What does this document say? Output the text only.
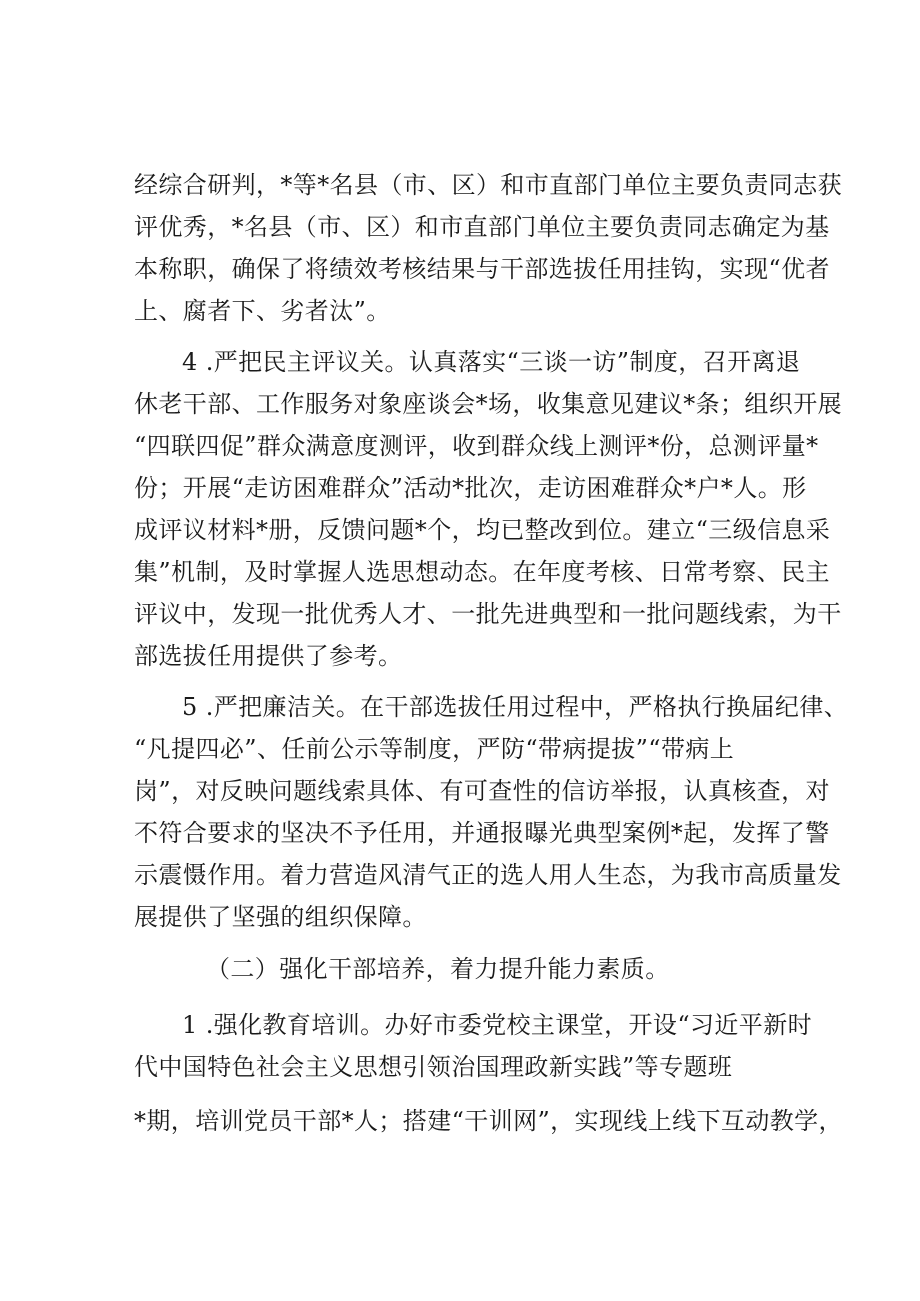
经综合研判，*等*名县（市、区）和市直部门单位主要负责同志获
评优秀，*名县（市、区）和市直部门单位主要负责同志确定为基
本称职，确保了将绩效考核结果与干部选拔任用挂钩，实现“优者
上、腐者下、劣者汰”。
4 .严把民主评议关。认真落实“三谈一访”制度，召开离退
休老干部、工作服务对象座谈会*场，收集意见建议*条；组织开展
“四联四促”群众满意度测评，收到群众线上测评*份，总测评量*
份；开展“走访困难群众”活动*批次，走访困难群众*户*人。形
成评议材料*册，反馈问题*个，均已整改到位。建立“三级信息采
集”机制，及时掌握人选思想动态。在年度考核、日常考察、民主
评议中，发现一批优秀人才、一批先进典型和一批问题线索，为干
部选拔任用提供了参考。
5 .严把廉洁关。在干部选拔任用过程中，严格执行换届纪律、
“凡提四必”、任前公示等制度，严防“带病提拔”“带病上
岗”，对反映问题线索具体、有可查性的信访举报，认真核查，对
不符合要求的坚决不予任用，并通报曝光典型案例*起，发挥了警
示震慑作用。着力营造风清气正的选人用人生态，为我市高质量发
展提供了坚强的组织保障。
（二）强化干部培养，着力提升能力素质。
1 .强化教育培训。办好市委党校主课堂，开设“习近平新时
代中国特色社会主义思想引领治国理政新实践”等专题班
*期，培训党员干部*人；搭建“干训网”，实现线上线下互动教学，
